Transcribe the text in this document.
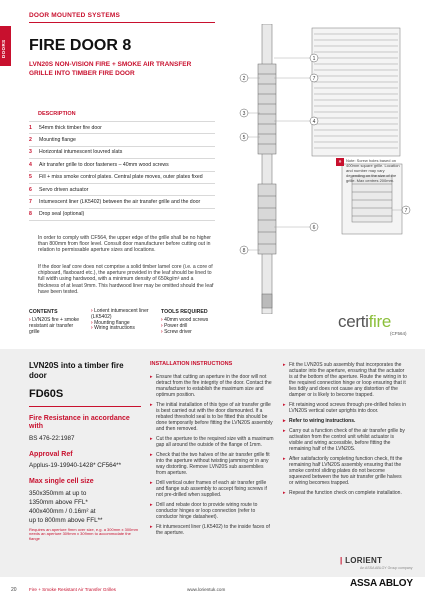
DOORS
DOOR MOUNTED SYSTEMS
FIRE DOOR 8
LVN20S NON-VISION FIRE + SMOKE AIR TRANSFER GRILLE INTO TIMBER FIRE DOOR
DESCRIPTION
1	54mm thick timber fire door
2	Mounting flange
3	Horizontal intumescent louvred slats
4	Air transfer grille to door fasteners – 40mm wood screws
5	Fill + miss smoke control plates. Central plate moves, outer plates fixed
6	Servo driven actuator
7	Intumescent liner (LK5402) between the air transfer grille and the door
8	Drop seal (optional)
In order to comply with CF564, the upper edge of the grille shall be no higher than 800mm from floor level. Consult door manufacturer before cutting out in relation to permissable aperture sizes and locations.
If the door leaf core does not comprise a solid timber lamel core (i.e. a core of chipboard, flaxboard etc.), the aperture provided in the leaf should be lined to full width using hardwood, with a minimum density of 650kg/m³ and a thickness of at least 9mm. This hardwood liner may be omitted should the leaf have been tested.
CONTENTS
› LVN20S fire + smoke resistant air transfer grille
› Lorient intumescent liner (LK5402)
› Mounting flange
› Wiring instructions
TOOLS REQUIRED
› 40mm wood screws
› Power drill
› Screw driver
2	7
1
3
4
5
6
8
7
»	Note: Screw holes based on 400mm square grille. Location and number may vary depending on the size of the grille. Max centres 200mm.
certifire
(CF564)
LVN20S into a timber fire door
FD60S
Fire Resistance in accordance with
BS 476-22:1987
Approval Ref
Applus-19-19940-1428* CF564**
Max single cell size
350x350mm at up to
1350mm above FFL*
400x400mm / 0.16m² at
up to 800mm above FFL**
Requires an aperture 9mm over size, e.g. a 300mm x 300mm needs an aperture 309mm x 309mm to accommodate the flange
INSTALLATION INSTRUCTIONS
▸ Ensure that cutting an aperture in the door will not detract from the fire integrity of the door. Contact the manufacturer to establish the maximum size and optimum position.
▸ The initial installation of this type of air transfer grille is best carried out with the door dismounted. If a rebated threshold seal is to be fitted this should be done temporarily before fitting the LVN20S assembly and then removed.
▸ Cut the aperture to the required size with a maximum gap all around the outside of the flange of 1mm.
▸ Check that the two halves of the air transfer grille fit into the aperture without twisting jamming or in any way distorting. Remove LVN20S sub assemblies from aperture.
▸ Drill vertical outer frames of each air transfer grille and flange sub assembly to accept fixing screws if not pre-drilled when supplied.
▸ Drill and rebate door to provide wiring route to conductor hinges or loop connection (refer to conductor hinge datasheet).
▸ Fit intumescent liner (LK5402) to the inside faces of the aperture.
▸ Fit the LVN20S sub assembly that incorporates the actuator into the aperture, ensuring that the actuator is at the bottom of the aperture. Route the wiring in to the required connection hinge or loop ensuring that it lies tidily and does not cause any distortion of the damper or is likely to become trapped.
▸ Fit retaining wood screws through pre-drilled holes in LVN20S vertical outer uprights into door.
▸ Refer to wiring instructions.
▸ Carry out a function check of the air transfer grille by activation from the control unit whilst actuator is visible and wiring accessible, before fitting the remaining half of the LVN20S.
▸ After satisfactorily completing function check, fit the remaining half LVN20S assembly ensuring that the smoke control sliding plates do not become squeezed between the two air transfer grille halves or wiring becomes trapped.
▸ Repeat the function check on complete installation.
| LORIENT
An ASSA ABLOY Group company
ASSA ABLOY
20	Fire + Smoke Resistant Air Transfer Grilles	www.lorientuk.com
